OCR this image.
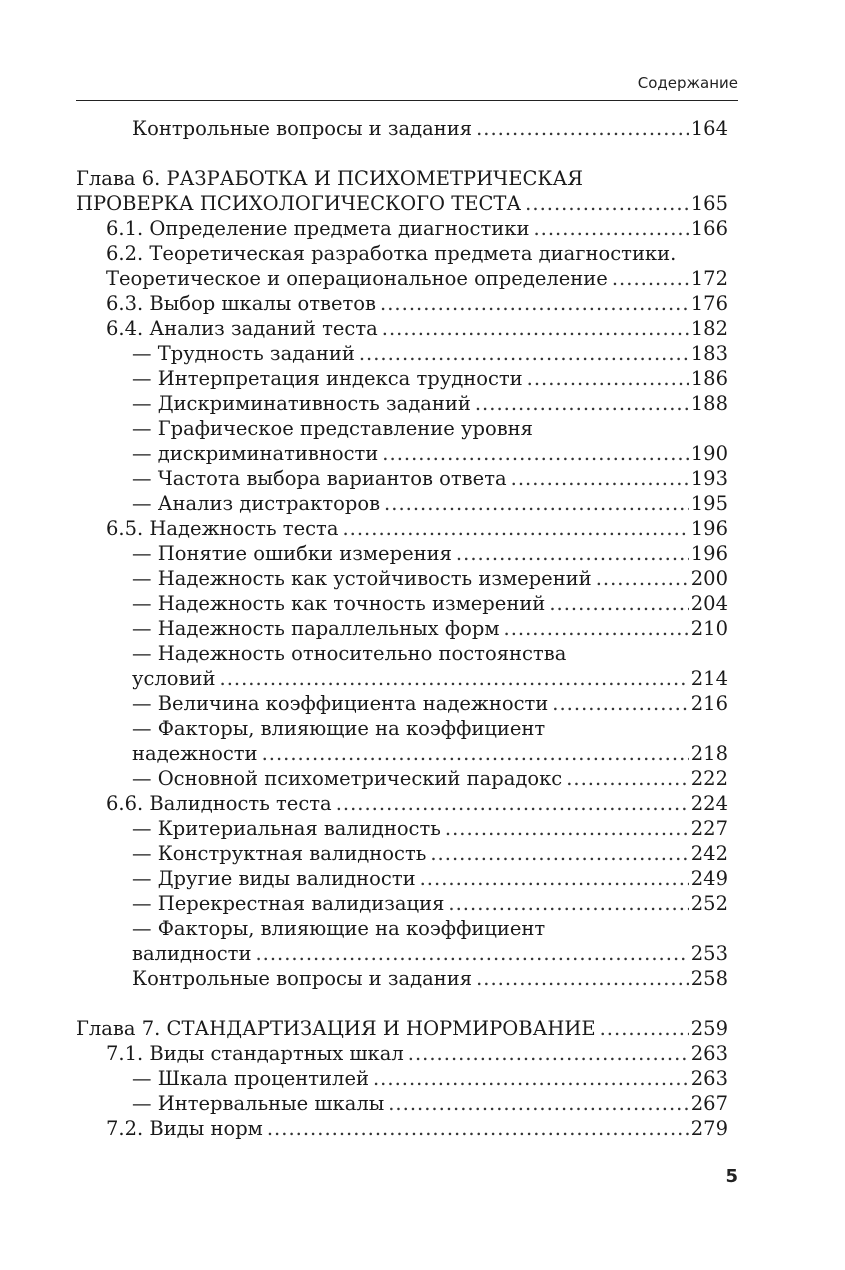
Содержание
Контрольные вопросы и задания .....	164
Глава 6. РАЗРАБОТКА И ПСИХОМЕТРИЧЕСКАЯ
ПРОВЕРКА ПСИХОЛОГИЧЕСКОГО ТЕСТА .....	165
6.1. Определение предмета диагностики .....	166
6.2. Теоретическая разработка предмета диагностики.
Теоретическое и операциональное определение .....	172
6.3. Выбор шкалы ответов .....	176
6.4. Анализ заданий теста .....	182
— Трудность заданий .....	183
— Интерпретация индекса трудности .....	186
— Дискриминативность заданий .....	188
— Графическое представление уровня
— дискриминативности .....	190
— Частота выбора вариантов ответа .....	193
— Анализ дистракторов .....	195
6.5. Надежность теста .....	196
— Понятие ошибки измерения .....	196
— Надежность как устойчивость измерений .....	200
— Надежность как точность измерений .....	204
— Надежность параллельных форм .....	210
— Надежность относительно постоянства
условий .....	214
— Величина коэффициента надежности .....	216
— Факторы, влияющие на коэффициент
надежности .....	218
— Основной психометрический парадокс .....	222
6.6. Валидность теста .....	224
— Критериальная валидность .....	227
— Конструктная валидность .....	242
— Другие виды валидности .....	249
— Перекрестная валидизация .....	252
— Факторы, влияющие на коэффициент
валидности .....	253
Контрольные вопросы и задания .....	258
Глава 7. СТАНДАРТИЗАЦИЯ И НОРМИРОВАНИЕ .....	259
7.1. Виды стандартных шкал .....	263
— Шкала процентилей .....	263
— Интервальные шкалы .....	267
7.2. Виды норм .....	279
5
